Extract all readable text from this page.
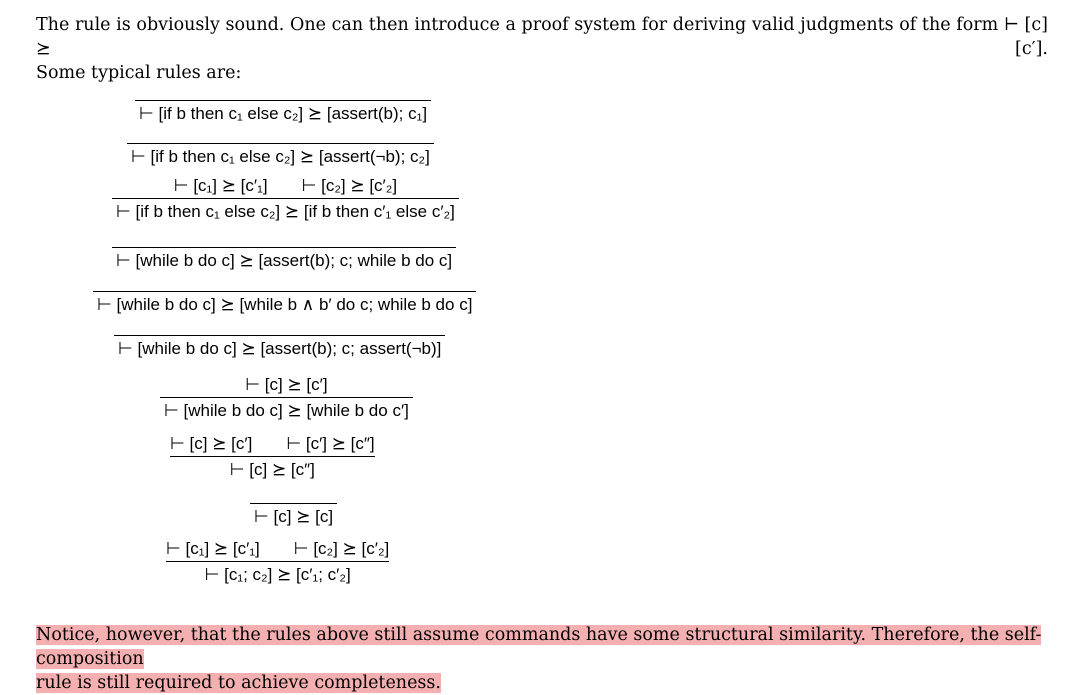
The rule is obviously sound. One can then introduce a proof system for deriving valid judgments of the form ⊢ [c] ⪰ [c′].
Some typical rules are:

⊢ [if b then c₁ else c₂] ⪰ [assert(b); c₁]
⊢ [if b then c₁ else c₂] ⪰ [assert(¬b); c₂]
⊢ [c₁] ⪰ [c′₁] ⊢ [c₂] ⪰ [c′₂]
⊢ [if b then c₁ else c₂] ⪰ [if b then c′₁ else c′₂]
⊢ [while b do c] ⪰ [assert(b); c; while b do c]
⊢ [while b do c] ⪰ [while b ∧ b′ do c; while b do c]
⊢ [while b do c] ⪰ [assert(b); c; assert(¬b)]
⊢ [c] ⪰ [c′]
⊢ [while b do c] ⪰ [while b do c′]
⊢ [c] ⪰ [c′] ⊢ [c′] ⪰ [c″]
⊢ [c] ⪰ [c″]
⊢ [c] ⪰ [c]
⊢ [c₁] ⪰ [c′₁] ⊢ [c₂] ⪰ [c′₂]
⊢ [c₁; c₂] ⪰ [c′₁; c′₂]

Notice, however, that the rules above still assume commands have some structural similarity. Therefore, the self-composition
rule is still required to achieve completeness.
